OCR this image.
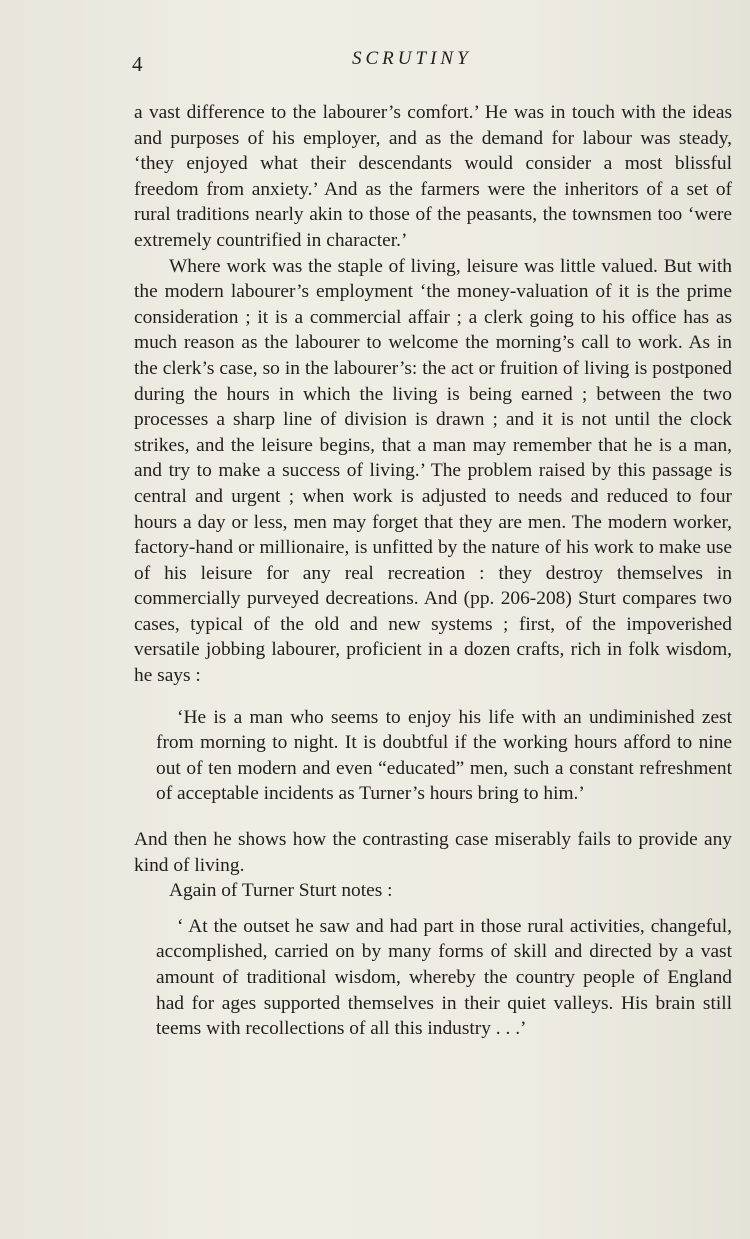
4	SCRUTINY

a vast difference to the labourer’s comfort.’ He was in touch with the ideas and purposes of his employer, and as the demand for labour was steady, ‘they enjoyed what their descendants would consider a most blissful freedom from anxiety.’ And as the farmers were the inheritors of a set of rural traditions nearly akin to those of the peasants, the townsmen too ‘were extremely countrified in character.’

Where work was the staple of living, leisure was little valued. But with the modern labourer’s employment ‘the money-valuation of it is the prime consideration ; it is a commercial affair ; a clerk going to his office has as much reason as the labourer to welcome the morning’s call to work. As in the clerk’s case, so in the labourer’s: the act or fruition of living is postponed during the hours in which the living is being earned ; between the two processes a sharp line of division is drawn ; and it is not until the clock strikes, and the leisure begins, that a man may remember that he is a man, and try to make a success of living.’ The problem raised by this passage is central and urgent ; when work is adjusted to needs and reduced to four hours a day or less, men may forget that they are men. The modern worker, factory-hand or millionaire, is unfitted by the nature of his work to make use of his leisure for any real recreation : they destroy themselves in commercially purveyed decreations. And (pp. 206-208) Sturt compares two cases, typical of the old and new systems ; first, of the impoverished versatile jobbing labourer, proficient in a dozen crafts, rich in folk wisdom, he says :

‘He is a man who seems to enjoy his life with an undiminished zest from morning to night. It is doubtful if the working hours afford to nine out of ten modern and even “educated” men, such a constant refreshment of acceptable incidents as Turner’s hours bring to him.’

And then he shows how the contrasting case miserably fails to provide any kind of living.

Again of Turner Sturt notes :

‘ At the outset he saw and had part in those rural activities, changeful, accomplished, carried on by many forms of skill and directed by a vast amount of traditional wisdom, whereby the country people of England had for ages supported themselves in their quiet valleys. His brain still teems with recollections of all this industry . . .’
